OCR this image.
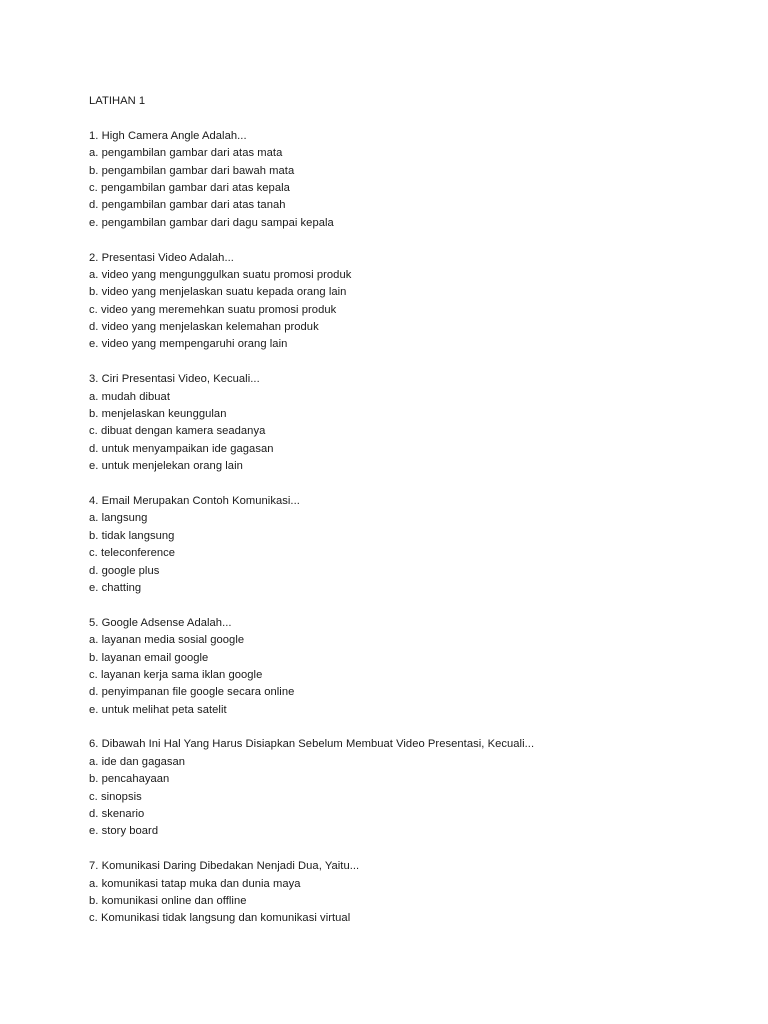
LATIHAN 1
1. High Camera Angle Adalah...
a. pengambilan gambar dari atas mata
b. pengambilan gambar dari bawah mata
c. pengambilan gambar dari atas kepala
d. pengambilan gambar dari atas tanah
e. pengambilan gambar dari dagu sampai kepala
2. Presentasi Video Adalah...
a. video yang mengunggulkan suatu promosi produk
b. video yang menjelaskan suatu kepada orang lain
c. video yang meremehkan suatu promosi produk
d. video yang menjelaskan kelemahan produk
e. video yang mempengaruhi orang lain
3. Ciri Presentasi Video, Kecuali...
a. mudah dibuat
b. menjelaskan keunggulan
c. dibuat dengan kamera seadanya
d. untuk menyampaikan ide gagasan
e. untuk menjelekan orang lain
4. Email Merupakan Contoh Komunikasi...
a. langsung
b. tidak langsung
c. teleconference
d. google plus
e. chatting
5. Google Adsense Adalah...
a. layanan media sosial google
b. layanan email google
c. layanan kerja sama iklan google
d. penyimpanan file google secara online
e. untuk melihat peta satelit
6. Dibawah Ini Hal Yang Harus Disiapkan Sebelum Membuat Video Presentasi, Kecuali...
a. ide dan gagasan
b. pencahayaan
c. sinopsis
d. skenario
e. story board
7. Komunikasi Daring Dibedakan Nenjadi Dua, Yaitu...
a. komunikasi tatap muka dan dunia maya
b. komunikasi online dan offline
c. Komunikasi tidak langsung dan komunikasi virtual
